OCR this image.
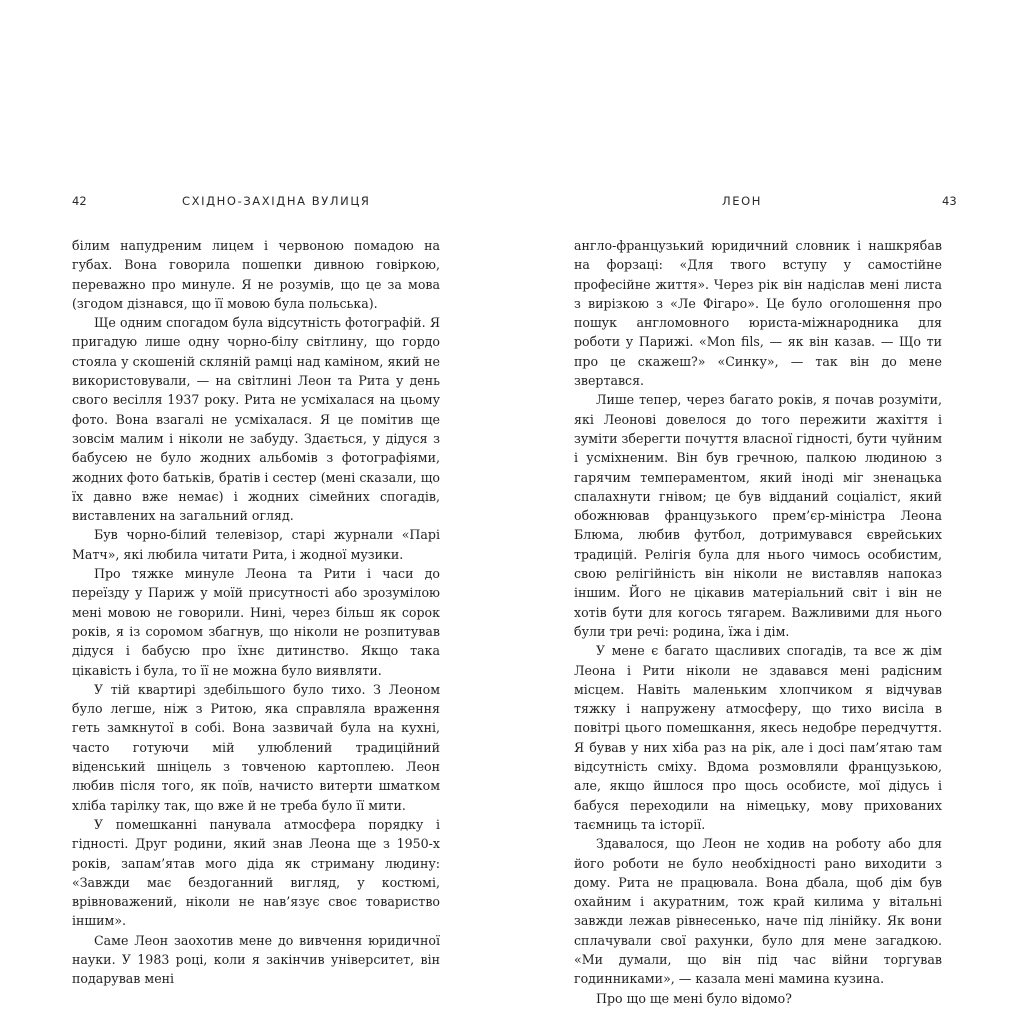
42	СХІДНО-ЗАХІДНА ВУЛИЦЯ

білим напудреним лицем і червоною помадою на губах. Вона говорила пошепки дивною говіркою, переважно про минуле. Я не розумів, що це за мова (згодом дізнався, що її мовою була польська).

Ще одним спогадом була відсутність фотографій. Я пригадую лише одну чорно-білу світлину, що гордо стояла у скошеній скляній рамці над каміном, який не використовували, — на світлині Леон та Рита у день свого весілля 1937 року. Рита не усміхалася на цьому фото. Вона взагалі не усміхалася. Я це помітив ще зовсім малим і ніколи не забуду. Здається, у дідуся з бабусею не було жодних альбомів з фотографіями, жодних фото батьків, братів і сестер (мені сказали, що їх давно вже немає) і жодних сімейних спогадів, виставлених на загальний огляд.

Був чорно-білий телевізор, старі журнали «Парі Матч», які любила читати Рита, і жодної музики.

Про тяжке минуле Леона та Рити і часи до переїзду у Париж у моїй присутності або зрозумілою мені мовою не говорили. Нині, через більш як сорок років, я із соромом збагнув, що ніколи не розпитував дідуся і бабусю про їхнє дитинство. Якщо така цікавість і була, то її не можна було виявляти.

У тій квартирі здебільшого було тихо. З Леоном було легше, ніж з Ритою, яка справляла враження геть замкнутої в собі. Вона зазвичай була на кухні, часто готуючи мій улюблений традиційний віденський шніцель з товченою картоплею. Леон любив після того, як поїв, начисто витерти шматком хліба тарілку так, що вже й не треба було її мити.

У помешканні панувала атмосфера порядку і гідності. Друг родини, який знав Леона ще з 1950-х років, запам’ятав мого діда як стриману людину: «Завжди має бездоганний вигляд, у костюмі, врівноважений, ніколи не нав’язує своє товариство іншим».

Саме Леон заохотив мене до вивчення юридичної науки. У 1983 році, коли я закінчив університет, він подарував мені

ЛЕОН	43

англо-французький юридичний словник і нашкрябав на форзаці: «Для твого вступу у самостійне професійне життя». Через рік він надіслав мені листа з вирізкою з «Ле Фігаро». Це було оголошення про пошук англомовного юриста-міжнародника для роботи у Парижі. «Mon fils, — як він казав. — Що ти про це скажеш?» «Синку», — так він до мене звертався.

Лише тепер, через багато років, я почав розуміти, які Леонові довелося до того пережити жахіття і зуміти зберегти почуття власної гідності, бути чуйним і усміхненим. Він був гречною, палкою людиною з гарячим темпераментом, який іноді міг зненацька спалахнути гнівом; це був відданий соціаліст, який обожнював французького прем’єр-міністра Леона Блюма, любив футбол, дотримувався єврейських традицій. Релігія була для нього чимось особистим, свою релігійність він ніколи не виставляв напоказ іншим. Його не цікавив матеріальний світ і він не хотів бути для когось тягарем. Важливими для нього були три речі: родина, їжа і дім.

У мене є багато щасливих спогадів, та все ж дім Леона і Рити ніколи не здавався мені радісним місцем. Навіть маленьким хлопчиком я відчував тяжку і напружену атмосферу, що тихо висіла в повітрі цього помешкання, якесь недобре передчуття. Я бував у них хіба раз на рік, але і досі пам’ятаю там відсутність сміху. Вдома розмовляли французькою, але, якщо йшлося про щось особисте, мої дідусь і бабуся переходили на німецьку, мову прихованих таємниць та історії.

Здавалося, що Леон не ходив на роботу або для його роботи не було необхідності рано виходити з дому. Рита не працювала. Вона дбала, щоб дім був охайним і акуратним, тож край килима у вітальні завжди лежав рівнесенько, наче під лінійку. Як вони сплачували свої рахунки, було для мене загадкою. «Ми думали, що він під час війни торгував годинниками», — казала мені мамина кузина.

Про що ще мені було відомо?
